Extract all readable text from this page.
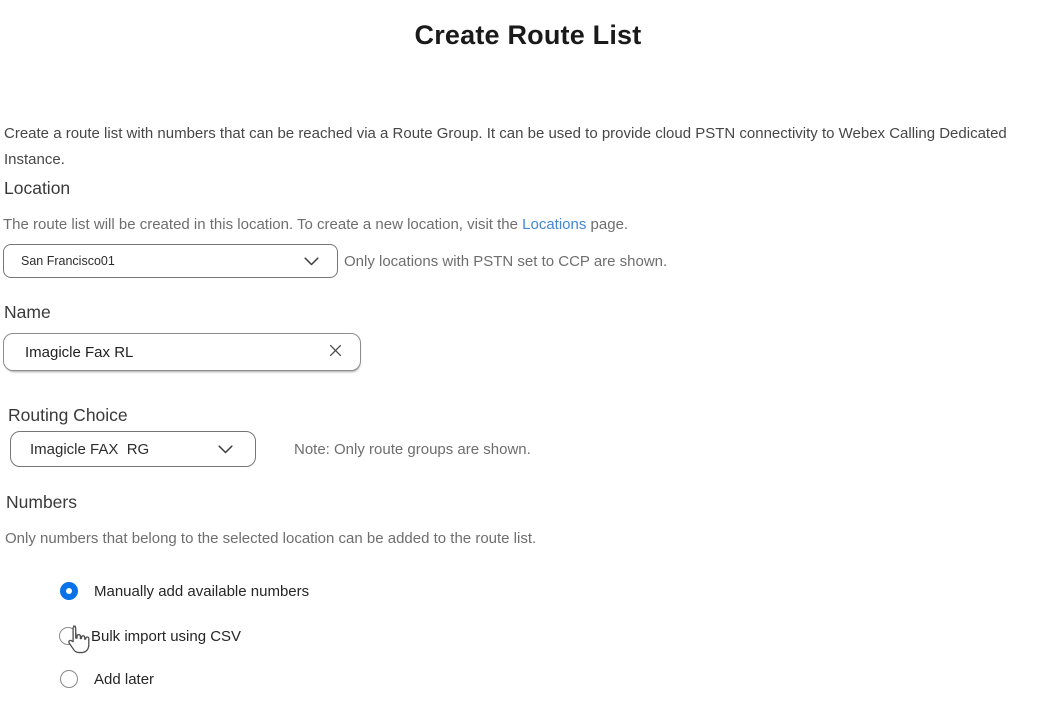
Create Route List

Create a route list with numbers that can be reached via a Route Group. It can be used to provide cloud PSTN connectivity to Webex Calling Dedicated Instance.

Location
The route list will be created in this location. To create a new location, visit the Locations page.
San Francisco01	Only locations with PSTN set to CCP are shown.
Name
Imagicle Fax RL
Routing Choice
Imagicle FAX  RG	Note: Only route groups are shown.
Numbers
Only numbers that belong to the selected location can be added to the route list.
Manually add available numbers
Bulk import using CSV
Add later
